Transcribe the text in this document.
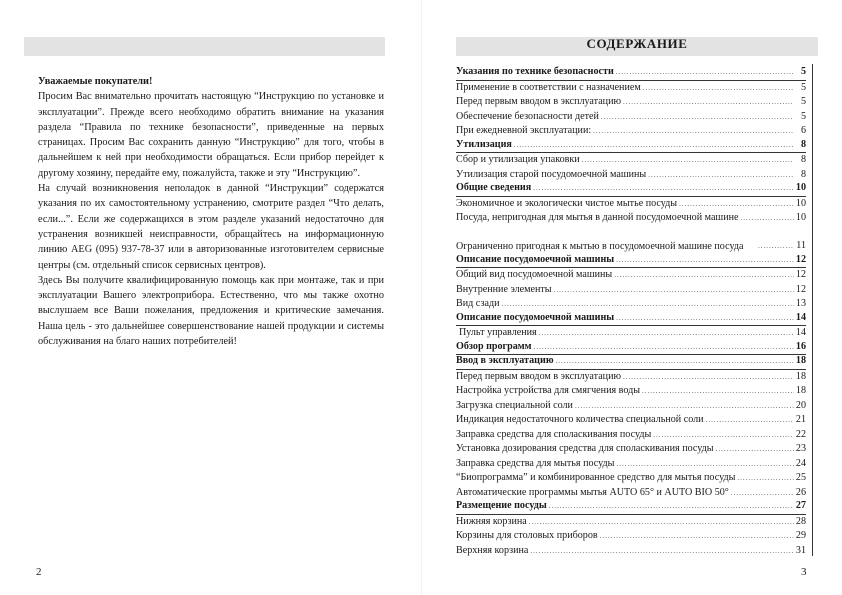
Уважаемые покупатели!

Просим Вас внимательно прочитать настоящую “Инструкцию по установке и эксплуатации”. Прежде всего необходимо обратить внимание на указания раздела “Правила по технике безопасности”, приведенные на первых страницах. Просим Вас сохранить данную “Инструкцию” для того, чтобы в дальнейшем к ней при необходимости обращаться. Если прибор перейдет к другому хозяину, передайте ему, пожалуйста, также и эту “Инструкцию”.

На случай возникновения неполадок в данной “Инструкции” содержатся указания по их самостоятельному устранению, смотрите раздел “Что делать, если...”. Если же содержащихся в этом разделе указаний недостаточно для устранения возникшей неисправности, обращайтесь на информационную линию AEG (095) 937-78-37 или в авторизованные изготовителем сервисные центры (см. отдельный список сервисных центров).

Здесь Вы получите квалифицированную помощь как при монтаже, так и при эксплуатации Вашего электроприбора. Естественно, что мы также охотно выслушаем все Ваши пожелания, предложения и критические замечания. Наша цель - это дальнейшее совершенствование нашей продукции и системы обслуживания на благо наших потребителей!

2
СОДЕРЖАНИЕ
Указания по технике безопасности .....	5
Применение в соответствии с назначением .....	5
Перед первым вводом в эксплуатацию .....	5
Обеспечение безопасности детей .....	5
При ежедневной эксплуатации: .....	6
Утилизация .....	8
Сбор и утилизация упаковки .....	8
Утилизация старой посудомоечной машины .....	8
Общие сведения .....	10
Экономичное и экологически чистое мытье посуды .....	10
Посуда, непригодная для мытья в данной посудомоечной машине .....	10
Ограниченно пригодная к мытью в посудомоечной машине посуда .....	11
Описание посудомоечной машины .....	12
Общий вид посудомоечной машины .....	12
Внутренние элементы .....	12
Вид сзади .....	13
Описание посудомоечной машины .....	14
Пульт управления .....	14
Обзор программ .....	16
Ввод в эксплуатацию .....	18
Перед первым вводом в эксплуатацию .....	18
Настройка устройства для смягчения воды .....	18
Загрузка специальной соли .....	20
Индикация недостаточного количества специальной соли .....	21
Заправка средства для споласкивания посуды .....	22
Установка дозирования средства для споласкивания посуды .....	23
Заправка средства для мытья посуды .....	24
“Биопрограмма” и комбинированное средство для мытья посуды .....	25
Автоматические программы мытья AUTO 65° и AUTO BIO 50° .....	26
Размещение посуды .....	27
Нижняя корзина .....	28
Корзины для столовых приборов .....	29
Верхняя корзина .....	31
3
